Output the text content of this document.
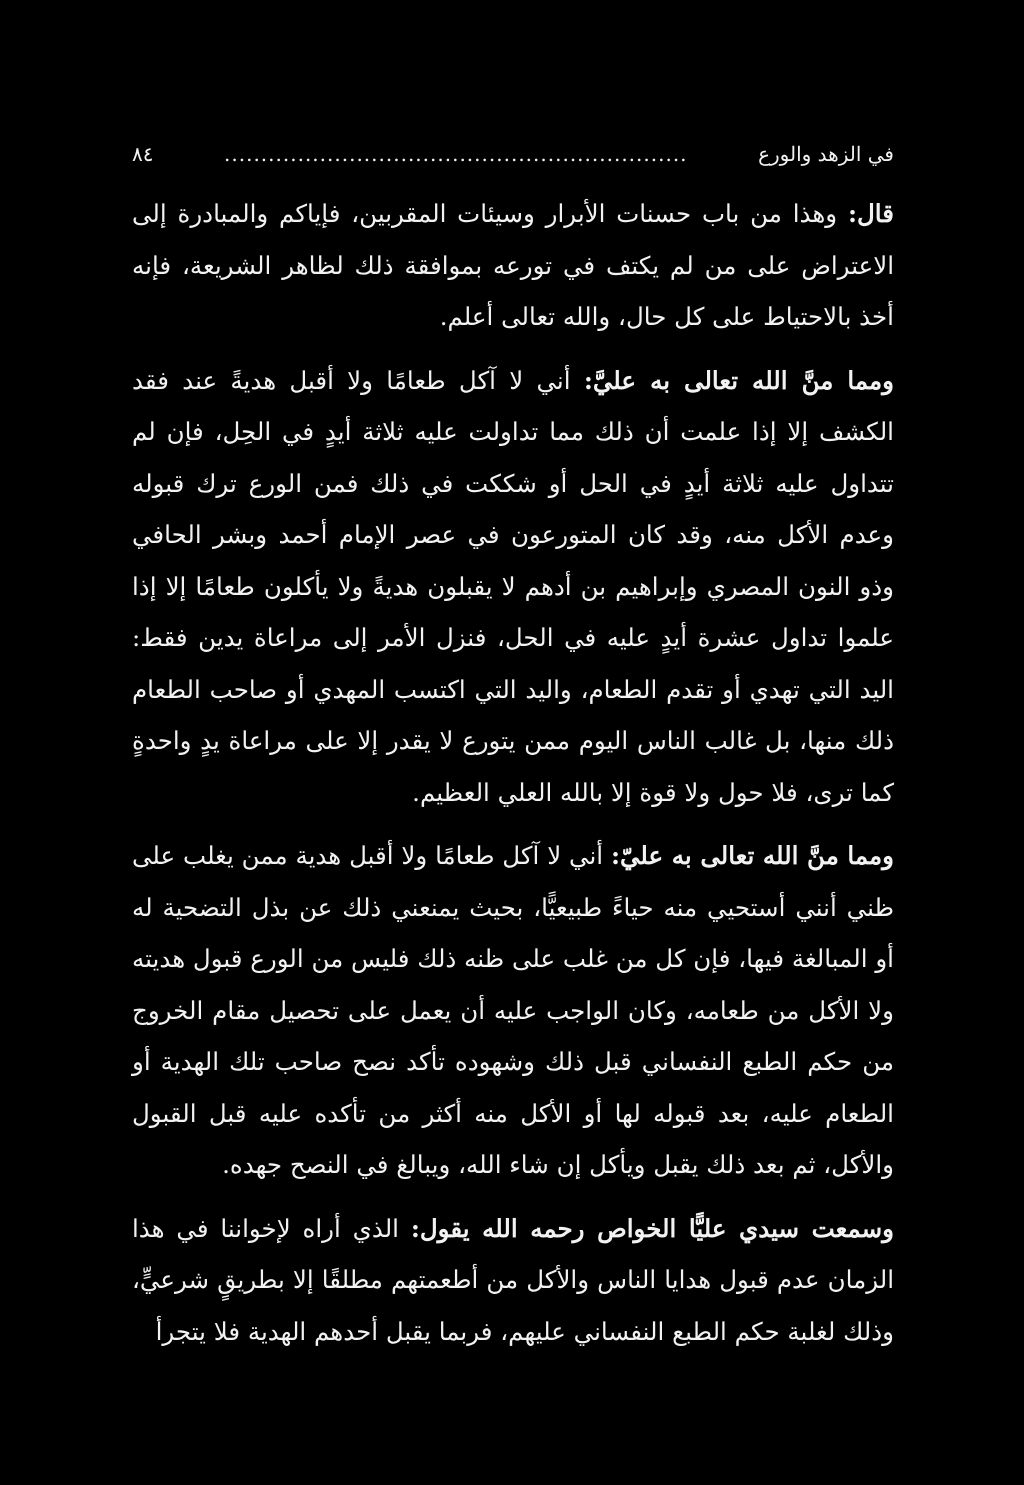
في الزهد والورع
...............................................................
٨٤

قال: وهذا من باب حسنات الأبرار وسيئات المقربين، فإياكم والمبادرة إلى الاعتراض على من لم يكتف في تورعه بموافقة ذلك لظاهر الشريعة، فإنه أخذ بالاحتياط على كل حال، والله تعالى أعلم.

ومما منَّ الله تعالى به عليَّ: أني لا آكل طعامًا ولا أقبل هديةً عند فقد الكشف إلا إذا علمت أن ذلك مما تداولت عليه ثلاثة أيدٍ في الحِل، فإن لم تتداول عليه ثلاثة أيدٍ في الحل أو شككت في ذلك فمن الورع ترك قبوله وعدم الأكل منه، وقد كان المتورعون في عصر الإمام أحمد وبشر الحافي وذو النون المصري وإبراهيم بن أدهم لا يقبلون هديةً ولا يأكلون طعامًا إلا إذا علموا تداول عشرة أيدٍ عليه في الحل، فنزل الأمر إلى مراعاة يدين فقط: اليد التي تهدي أو تقدم الطعام، واليد التي اكتسب المهدي أو صاحب الطعام ذلك منها، بل غالب الناس اليوم ممن يتورع لا يقدر إلا على مراعاة يدٍ واحدةٍ كما ترى، فلا حول ولا قوة إلا بالله العلي العظيم.

ومما منَّ الله تعالى به عليّ: أني لا آكل طعامًا ولا أقبل هدية ممن يغلب على ظني أنني أستحيي منه حياءً طبيعيًّا، بحيث يمنعني ذلك عن بذل التضحية له أو المبالغة فيها، فإن كل من غلب على ظنه ذلك فليس من الورع قبول هديته ولا الأكل من طعامه، وكان الواجب عليه أن يعمل على تحصيل مقام الخروج من حكم الطبع النفساني قبل ذلك وشهوده تأكد نصح صاحب تلك الهدية أو الطعام عليه، بعد قبوله لها أو الأكل منه أكثر من تأكده عليه قبل القبول والأكل، ثم بعد ذلك يقبل ويأكل إن شاء الله، ويبالغ في النصح جهده.

وسمعت سيدي عليًّا الخواص رحمه الله يقول: الذي أراه لإخواننا في هذا الزمان عدم قبول هدايا الناس والأكل من أطعمتهم مطلقًا إلا بطريقٍ شرعيٍّ، وذلك لغلبة حكم الطبع النفساني عليهم، فربما يقبل أحدهم الهدية فلا يتجرأ
